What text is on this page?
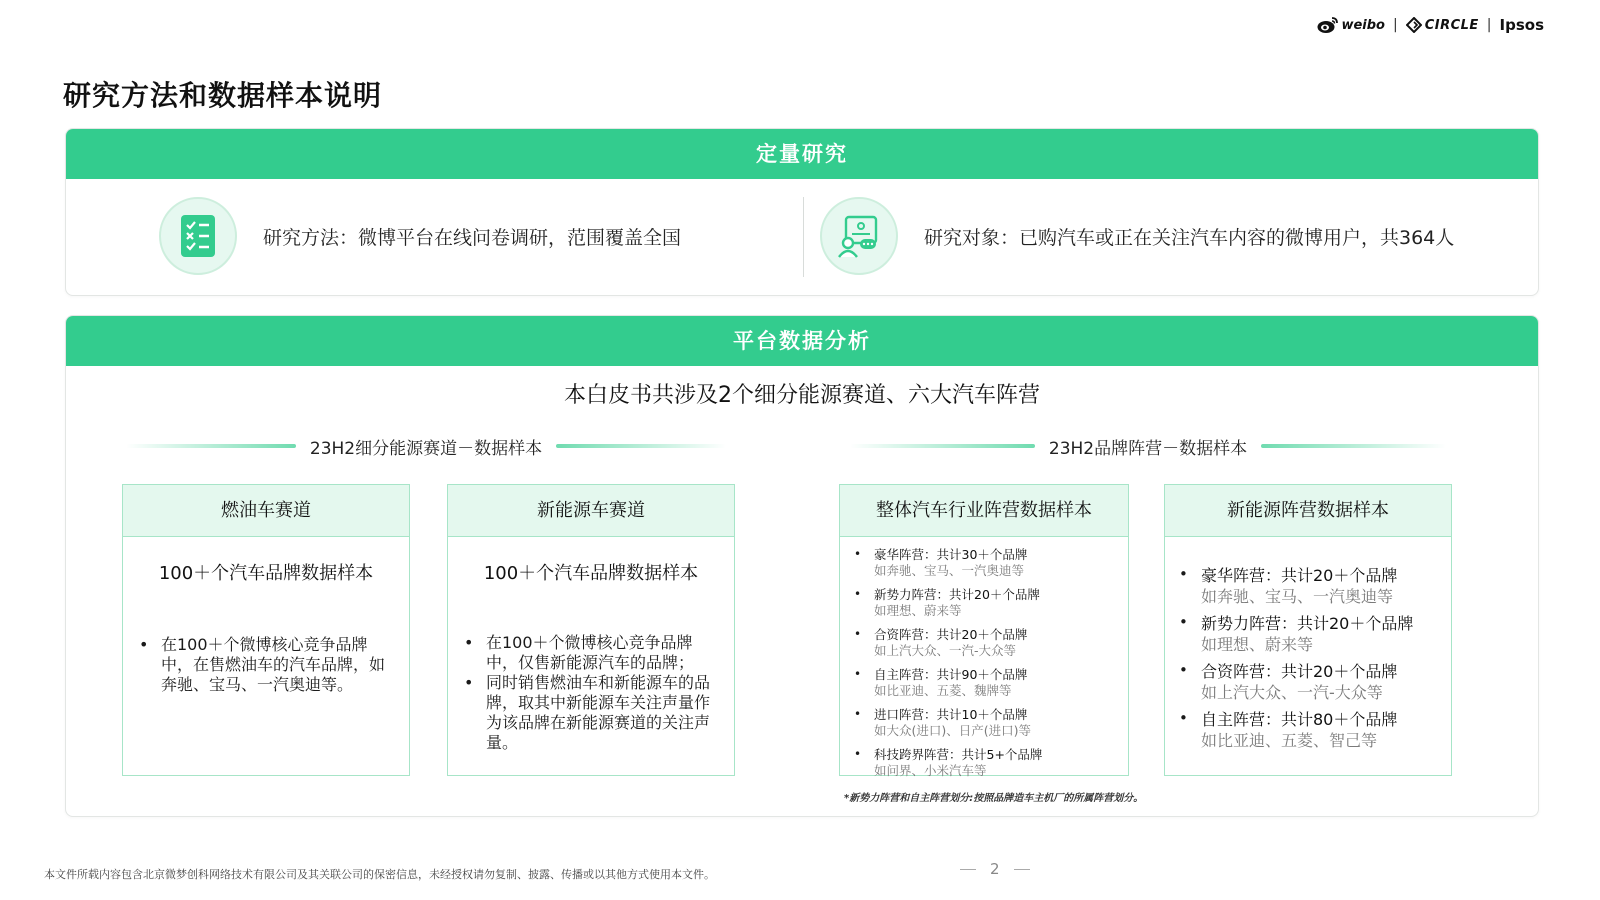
weibo | CIRCLE | Ipsos
研究方法和数据样本说明
定量研究
研究方法：微博平台在线问卷调研，范围覆盖全国	研究对象：已购汽车或正在关注汽车内容的微博用户，共364人
平台数据分析
本白皮书共涉及2个细分能源赛道、六大汽车阵营
23H2细分能源赛道－数据样本	23H2品牌阵营－数据样本
燃油车赛道
100＋个汽车品牌数据样本
• 在100＋个微博核心竞争品牌中，在售燃油车的汽车品牌，如奔驰、宝马、一汽奥迪等。
新能源车赛道
100＋个汽车品牌数据样本
• 在100＋个微博核心竞争品牌中，仅售新能源汽车的品牌；
• 同时销售燃油车和新能源车的品牌，取其中新能源车关注声量作为该品牌在新能源赛道的关注声量。
整体汽车行业阵营数据样本
• 豪华阵营：共计30＋个品牌
如奔驰、宝马、一汽奥迪等
• 新势力阵营：共计20＋个品牌
如理想、蔚来等
• 合资阵营：共计20＋个品牌
如上汽大众、一汽-大众等
• 自主阵营：共计90＋个品牌
如比亚迪、五菱、魏牌等
• 进口阵营：共计10＋个品牌
如大众(进口)、日产(进口)等
• 科技跨界阵营：共计5+个品牌
如问界、小米汽车等
新能源阵营数据样本
• 豪华阵营：共计20＋个品牌
如奔驰、宝马、一汽奥迪等
• 新势力阵营：共计20＋个品牌
如理想、蔚来等
• 合资阵营：共计20＋个品牌
如上汽大众、一汽-大众等
• 自主阵营：共计80＋个品牌
如比亚迪、五菱、智己等
*新势力阵营和自主阵营划分:按照品牌造车主机厂的所属阵营划分。
本文件所载内容包含北京微梦创科网络技术有限公司及其关联公司的保密信息，未经授权请勿复制、披露、传播或以其他方式使用本文件。	2
